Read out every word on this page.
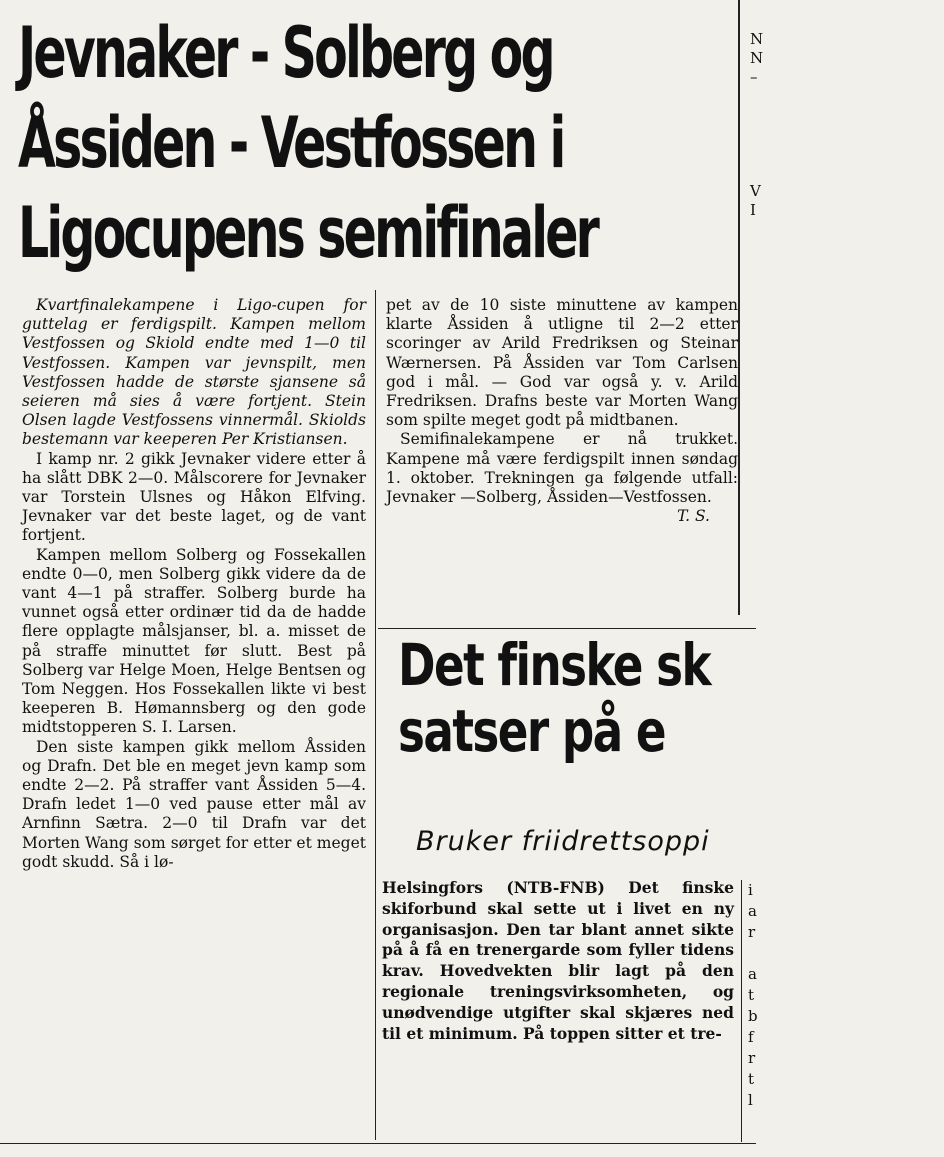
Jevnaker - Solberg og
Åssiden - Vestfossen i
Ligocupens semifinaler

Kvartfinalekampene i Ligo-cupen for guttelag er ferdigspilt. Kampen mellom Vestfossen og Skiold endte med 1—0 til Vestfossen. Kampen var jevnspilt, men Vestfossen hadde de største sjansene så seieren må sies å være fortjent. Stein Olsen lagde Vestfossens vinnermål. Skiolds bestemann var keeperen Per Kristiansen.

I kamp nr. 2 gikk Jevnaker videre etter å ha slått DBK 2—0. Målscorere for Jevnaker var Torstein Ulsnes og Håkon Elfving. Jevnaker var det beste laget, og de vant fortjent.

Kampen mellom Solberg og Fossekallen endte 0—0, men Solberg gikk videre da de vant 4—1 på straffer. Solberg burde ha vunnet også etter ordinær tid da de hadde flere opplagte målsjanser, bl. a. misset de på straffe minuttet før slutt. Best på Solberg var Helge Moen, Helge Bentsen og Tom Neggen. Hos Fossekallen likte vi best keeperen B. Hømannsberg og den gode midtstopperen S. I. Larsen.

Den siste kampen gikk mellom Åssiden og Drafn. Det ble en meget jevn kamp som endte 2—2. På straffer vant Åssiden 5—4. Drafn ledet 1—0 ved pause etter mål av Arnfinn Sætra. 2—0 til Drafn var det Morten Wang som sørget for etter et meget godt skudd. Så i lø-

pet av de 10 siste minuttene av kampen klarte Åssiden å utligne til 2—2 etter scoringer av Arild Fredriksen og Steinar Wærnersen. På Åssiden var Tom Carlsen god i mål. — God var også y. v. Arild Fredriksen. Drafns beste var Morten Wang som spilte meget godt på midtbanen.

Semifinalekampene er nå trukket. Kampene må være ferdigspilt innen søndag 1. oktober. Trekningen ga følgende utfall: Jevnaker —Solberg, Åssiden—Vestfossen.

T. S.

Det finske sk
satser på e
Bruker friidrettsoppi

Helsingfors (NTB-FNB) Det finske skiforbund skal sette ut i livet en ny organisasjon. Den tar blant annet sikte på å få en trenergarde som fyller tidens krav. Hovedvekten blir lagt på den regionale treningsvirksomheten, og unødvendige utgifter skal skjæres ned til et minimum. På toppen sitter et tre-

N
N
–
V
I
i
a
r
a
t
b
f
r
t
l
